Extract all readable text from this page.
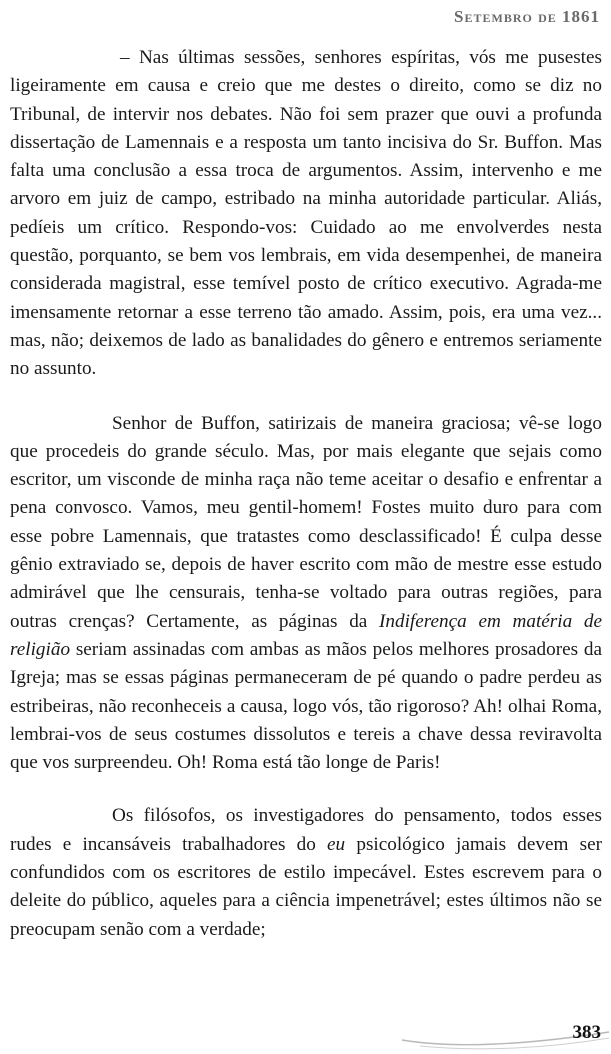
Setembro de 1861

– Nas últimas sessões, senhores espíritas, vós me pusestes ligeiramente em causa e creio que me destes o direito, como se diz no Tribunal, de intervir nos debates. Não foi sem prazer que ouvi a profunda dissertação de Lamennais e a resposta um tanto incisiva do Sr. Buffon. Mas falta uma conclusão a essa troca de argumentos. Assim, intervenho e me arvoro em juiz de campo, estribado na minha autoridade particular. Aliás, pedíeis um crítico. Respondo-vos: Cuidado ao me envolverdes nesta questão, porquanto, se bem vos lembrais, em vida desempenhei, de maneira considerada magistral, esse temível posto de crítico executivo. Agrada-me imensamente retornar a esse terreno tão amado. Assim, pois, era uma vez... mas, não; deixemos de lado as banalidades do gênero e entremos seriamente no assunto.

Senhor de Buffon, satirizais de maneira graciosa; vê-se logo que procedeis do grande século. Mas, por mais elegante que sejais como escritor, um visconde de minha raça não teme aceitar o desafio e enfrentar a pena convosco. Vamos, meu gentil-homem! Fostes muito duro para com esse pobre Lamennais, que tratastes como desclassificado! É culpa desse gênio extraviado se, depois de haver escrito com mão de mestre esse estudo admirável que lhe censurais, tenha-se voltado para outras regiões, para outras crenças? Certamente, as páginas da Indiferença em matéria de religião seriam assinadas com ambas as mãos pelos melhores prosadores da Igreja; mas se essas páginas permaneceram de pé quando o padre perdeu as estribeiras, não reconheceis a causa, logo vós, tão rigoroso? Ah! olhai Roma, lembrai-vos de seus costumes dissolutos e tereis a chave dessa reviravolta que vos surpreendeu. Oh! Roma está tão longe de Paris!

Os filósofos, os investigadores do pensamento, todos esses rudes e incansáveis trabalhadores do eu psicológico jamais devem ser confundidos com os escritores de estilo impecável. Estes escrevem para o deleite do público, aqueles para a ciência impenetrável; estes últimos não se preocupam senão com a verdade;

383
